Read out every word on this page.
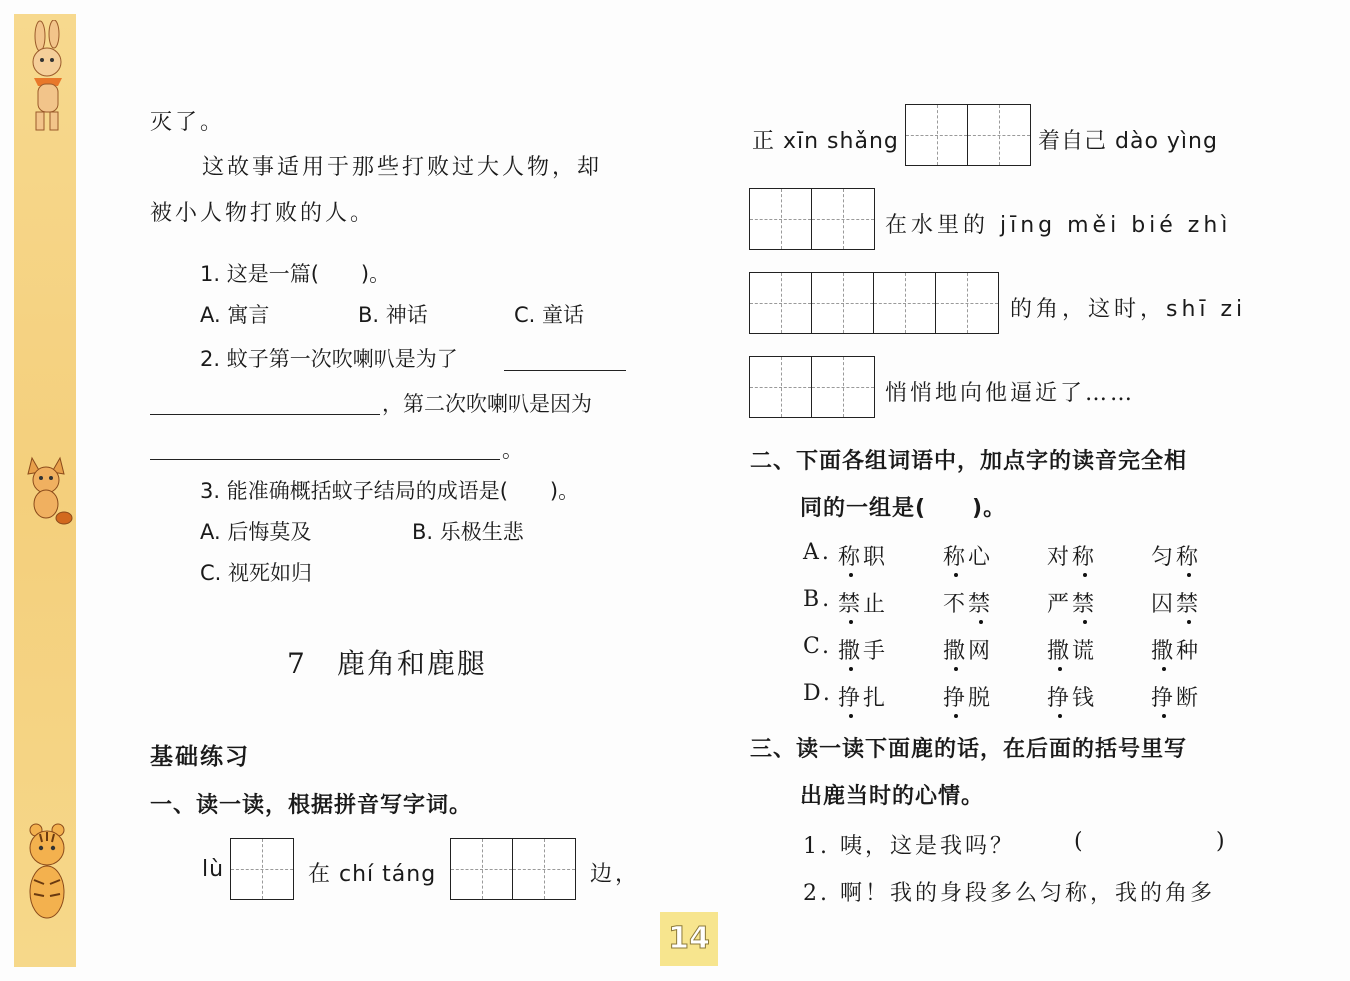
灭了。
这故事适用于那些打败过大人物，却
被小人物打败的人。
1. 这是一篇(　　)。
A. 寓言	B. 神话	C. 童话
2. 蚊子第一次吹喇叭是为了
，第二次吹喇叭是因为
。
3. 能准确概括蚊子结局的成语是(　　)。
A. 后悔莫及	B. 乐极生悲
C. 视死如归
7　鹿角和鹿腿
基础练习
一、读一读，根据拼音写字词。
lù	在 chí táng	边，
正 xīn shǎng	着自己 dào yìng
在水里的 jīng měi bié zhì
的角，这时，shī zi
悄悄地向他逼近了……
二、下面各组词语中，加点字的读音完全相
同的一组是(　　)。
A. 称职 称心 对称 匀称
B. 禁止 不禁 严禁 囚禁
C. 撒手 撒网 撒谎 撒种
D. 挣扎 挣脱 挣钱 挣断
三、读一读下面鹿的话，在后面的括号里写
出鹿当时的心情。
1. 咦，这是我吗？	(	)
2. 啊！我的身段多么匀称，我的角多
14
